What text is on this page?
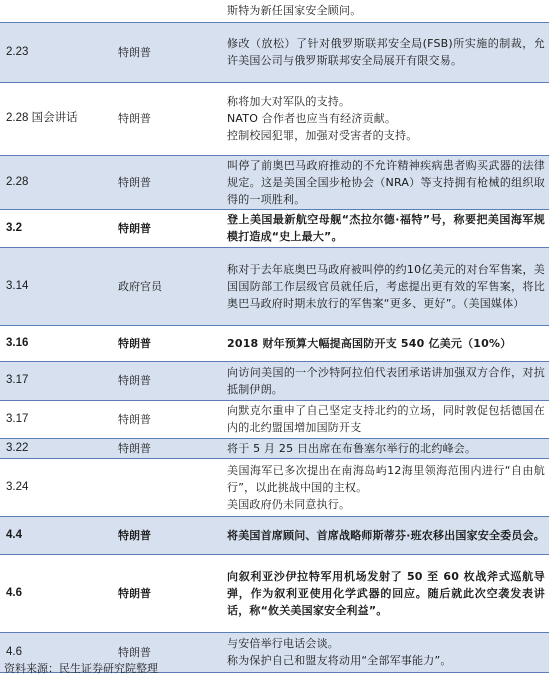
		斯特为新任国家安全顾问。

2.23	特朗普	修改（放松）了针对俄罗斯联邦安全局(FSB)所实施的制裁，允许美国公司与俄罗斯联邦安全局展开有限交易。

2.28 国会讲话	特朗普	称将加大对军队的支持。

NATO 合作者也应当有经济贡献。

控制校园犯罪，加强对受害者的支持。

2.28	特朗普	叫停了前奥巴马政府推动的不允许精神疾病患者购买武器的法律规定。这是美国全国步枪协会（NRA）等支持拥有枪械的组织取得的一项胜利。

3.2	特朗普	登上美国最新航空母舰“杰拉尔德·福特”号，称要把美国海军规模打造成“史上最大”。

3.14	政府官员	称对于去年底奥巴马政府被叫停的约10亿美元的对台军售案，美国国防部工作层级官员就任后，考虑提出更有效的军售案，将比奥巴马政府时期未放行的军售案“更多、更好”。（美国媒体）

3.16	特朗普	2018 财年预算大幅提高国防开支 540 亿美元（10%）

3.17	特朗普	向访问美国的一个沙特阿拉伯代表团承诺讲加强双方合作，对抗抵制伊朗。

3.17	特朗普	向默克尔重申了自己坚定支持北约的立场，同时敦促包括德国在内的北约盟国增加国防开支

3.22	特朗普	将于 5 月 25 日出席在布鲁塞尔举行的北约峰会。

3.24		美国海军已多次提出在南海岛屿12海里领海范围内进行“自由航行”，以此挑战中国的主权。

美国政府仍未同意执行。

4.4	特朗普	将美国首席顾问、首席战略师斯蒂芬·班农移出国家安全委员会。

4.6	特朗普	向叙利亚沙伊拉特军用机场发射了 50 至 60 枚战斧式巡航导弹，作为叙利亚使用化学武器的回应。随后就此次空袭发表讲话，称“攸关美国家安全利益”。

4.6	特朗普	与安倍举行电话会谈。

称为保护自己和盟友将动用“全部军事能力”。

资料来源：民生证券研究院整理
